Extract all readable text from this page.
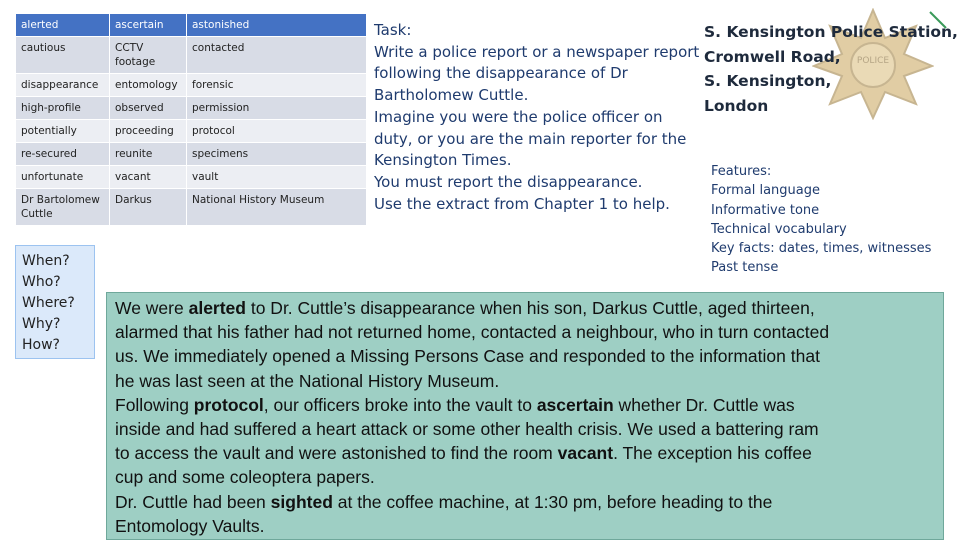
alerted	ascertain	astonished
cautious	CCTV footage	contacted
disappearance	entomology	forensic
high-profile	observed	permission
potentially	proceeding	protocol
re-secured	reunite	specimens
unfortunate	vacant	vault
Dr Bartolomew Cuttle	Darkus	National History Museum
When?
Who?
Where?
Why?
How?
Task:
Write a police report or a newspaper report
following the disappearance of Dr
Bartholomew Cuttle.
Imagine you were the police officer on
duty, or you are the main reporter for the
Kensington Times.
You must report the disappearance.
Use the extract from Chapter 1 to help.
POLICE
S. Kensington Police Station,
Cromwell Road,
S. Kensington,
London
Features:
Formal language
Informative tone
Technical vocabulary
Key facts: dates, times, witnesses
Past tense
We were alerted to Dr. Cuttle’s disappearance when his son, Darkus Cuttle, aged thirteen,
alarmed that his father had not returned home, contacted a neighbour, who in turn contacted
us. We immediately opened a Missing Persons Case and responded to the information that
he was last seen at the National History Museum.
Following protocol, our officers broke into the vault to ascertain whether Dr. Cuttle was
inside and had suffered a heart attack or some other health crisis. We used a battering ram
to access the vault and were astonished to find the room vacant. The exception his coffee
cup and some coleoptera papers.
Dr. Cuttle had been sighted at the coffee machine, at 1:30 pm, before heading to the
Entomology Vaults.
